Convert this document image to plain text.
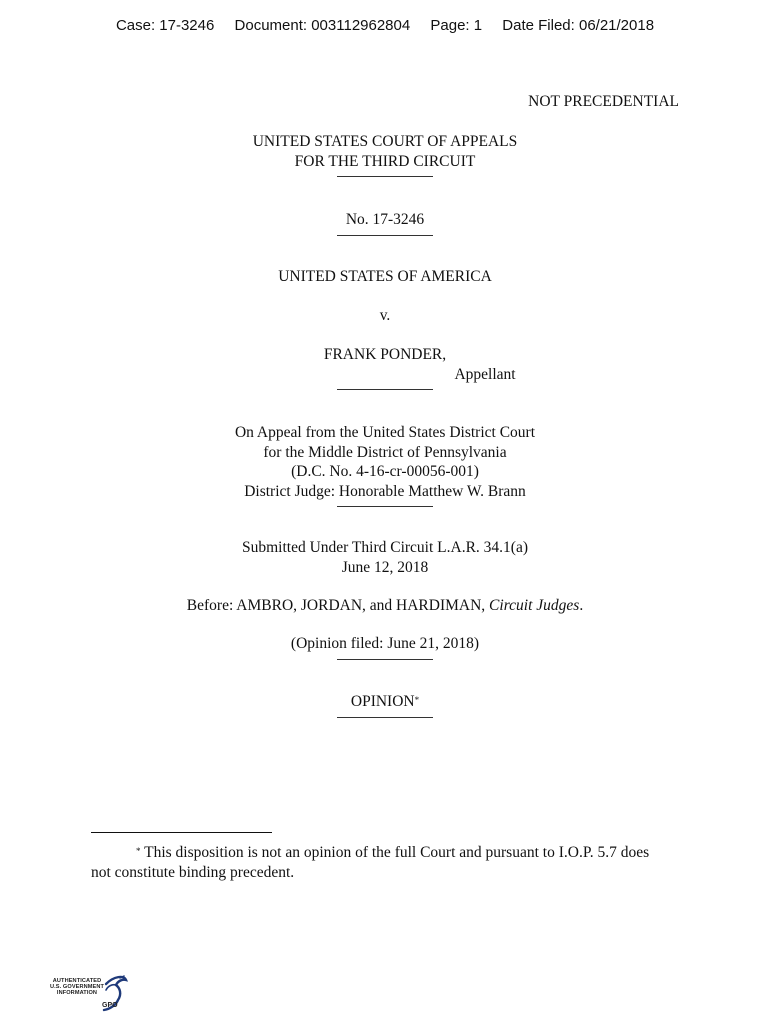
Case: 17-3246 Document: 003112962804 Page: 1 Date Filed: 06/21/2018
NOT PRECEDENTIAL
UNITED STATES COURT OF APPEALS
FOR THE THIRD CIRCUIT
No. 17-3246
UNITED STATES OF AMERICA
v.
FRANK PONDER,
Appellant
On Appeal from the United States District Court
for the Middle District of Pennsylvania
(D.C. No. 4-16-cr-00056-001)
District Judge: Honorable Matthew W. Brann
Submitted Under Third Circuit L.A.R. 34.1(a)
June 12, 2018
Before: AMBRO, JORDAN, and HARDIMAN, Circuit Judges.
(Opinion filed: June 21, 2018)
OPINION*
* This disposition is not an opinion of the full Court and pursuant to I.O.P. 5.7 does
not constitute binding precedent.
AUTHENTICATED
U.S. GOVERNMENT
INFORMATION
GPO
